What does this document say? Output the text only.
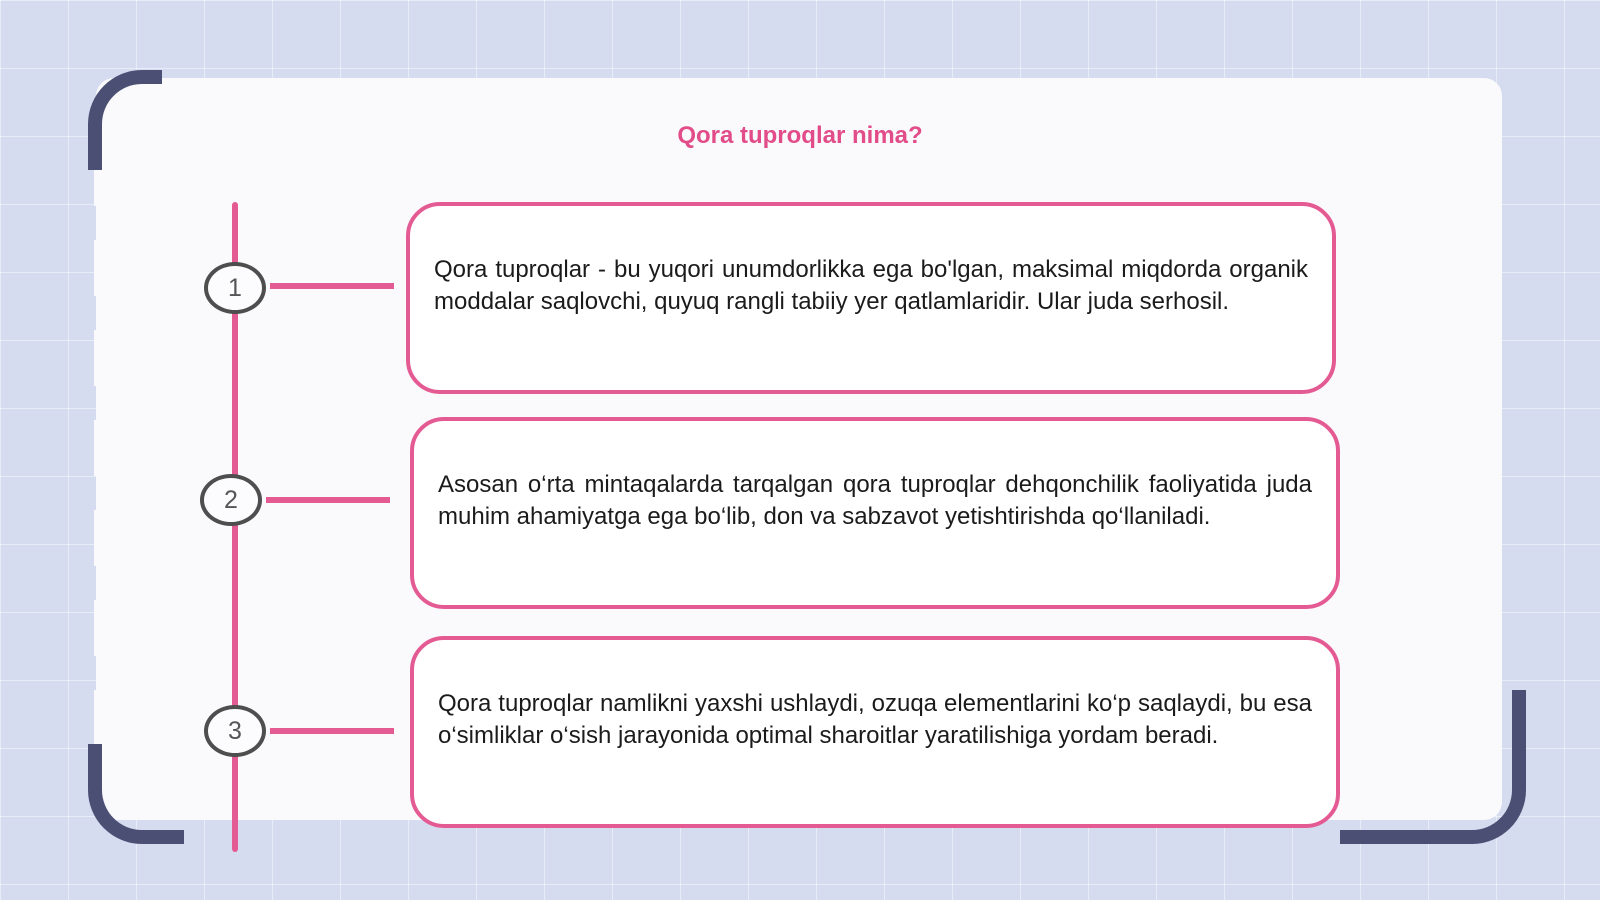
Qora tuproqlar nima?
1
2
3

Qora tuproqlar - bu yuqori unumdorlikka ega bo'lgan, maksimal miqdorda organik moddalar saqlovchi, quyuq rangli tabiiy yer qatlamlaridir. Ular juda serhosil.

Asosan o‘rta mintaqalarda tarqalgan qora tuproqlar dehqonchilik faoliyatida juda muhim ahamiyatga ega bo‘lib, don va sabzavot yetishtirishda qo‘llaniladi.

Qora tuproqlar namlikni yaxshi ushlaydi, ozuqa elementlarini ko‘p saqlaydi, bu esa o‘simliklar o‘sish jarayonida optimal sharoitlar yaratilishiga yordam beradi.
